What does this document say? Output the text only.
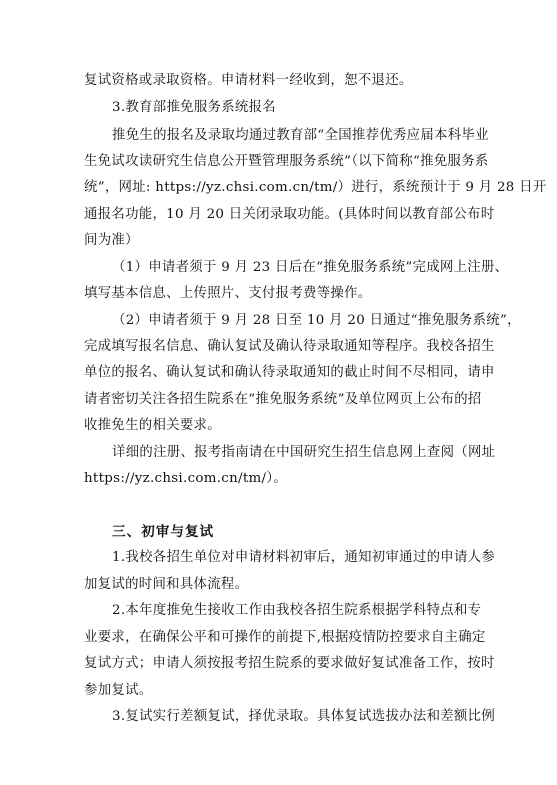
复试资格或录取资格。申请材料一经收到，恕不退还。
3.教育部推免服务系统报名
推免生的报名及录取均通过教育部“全国推荐优秀应届本科毕业
生免试攻读研究生信息公开暨管理服务系统”（以下简称“推免服务系
统”，网址: https://yz.chsi.com.cn/tm/）进行，系统预计于 9 月 28 日开
通报名功能，10 月 20 日关闭录取功能。(具体时间以教育部公布时
间为准）
（1）申请者须于 9 月 23 日后在“推免服务系统”完成网上注册、
填写基本信息、上传照片、支付报考费等操作。
（2）申请者须于 9 月 28 日至 10 月 20 日通过“推免服务系统”，
完成填写报名信息、确认复试及确认待录取通知等程序。我校各招生
单位的报名、确认复试和确认待录取通知的截止时间不尽相同，请申
请者密切关注各招生院系在“推免服务系统”及单位网页上公布的招
收推免生的相关要求。
详细的注册、报考指南请在中国研究生招生信息网上查阅（网址
https://yz.chsi.com.cn/tm/）。
三、初审与复试
1.我校各招生单位对申请材料初审后，通知初审通过的申请人参
加复试的时间和具体流程。
2.本年度推免生接收工作由我校各招生院系根据学科特点和专
业要求，在确保公平和可操作的前提下,根据疫情防控要求自主确定
复试方式；申请人须按报考招生院系的要求做好复试准备工作，按时
参加复试。
3.复试实行差额复试，择优录取。具体复试选拔办法和差额比例
